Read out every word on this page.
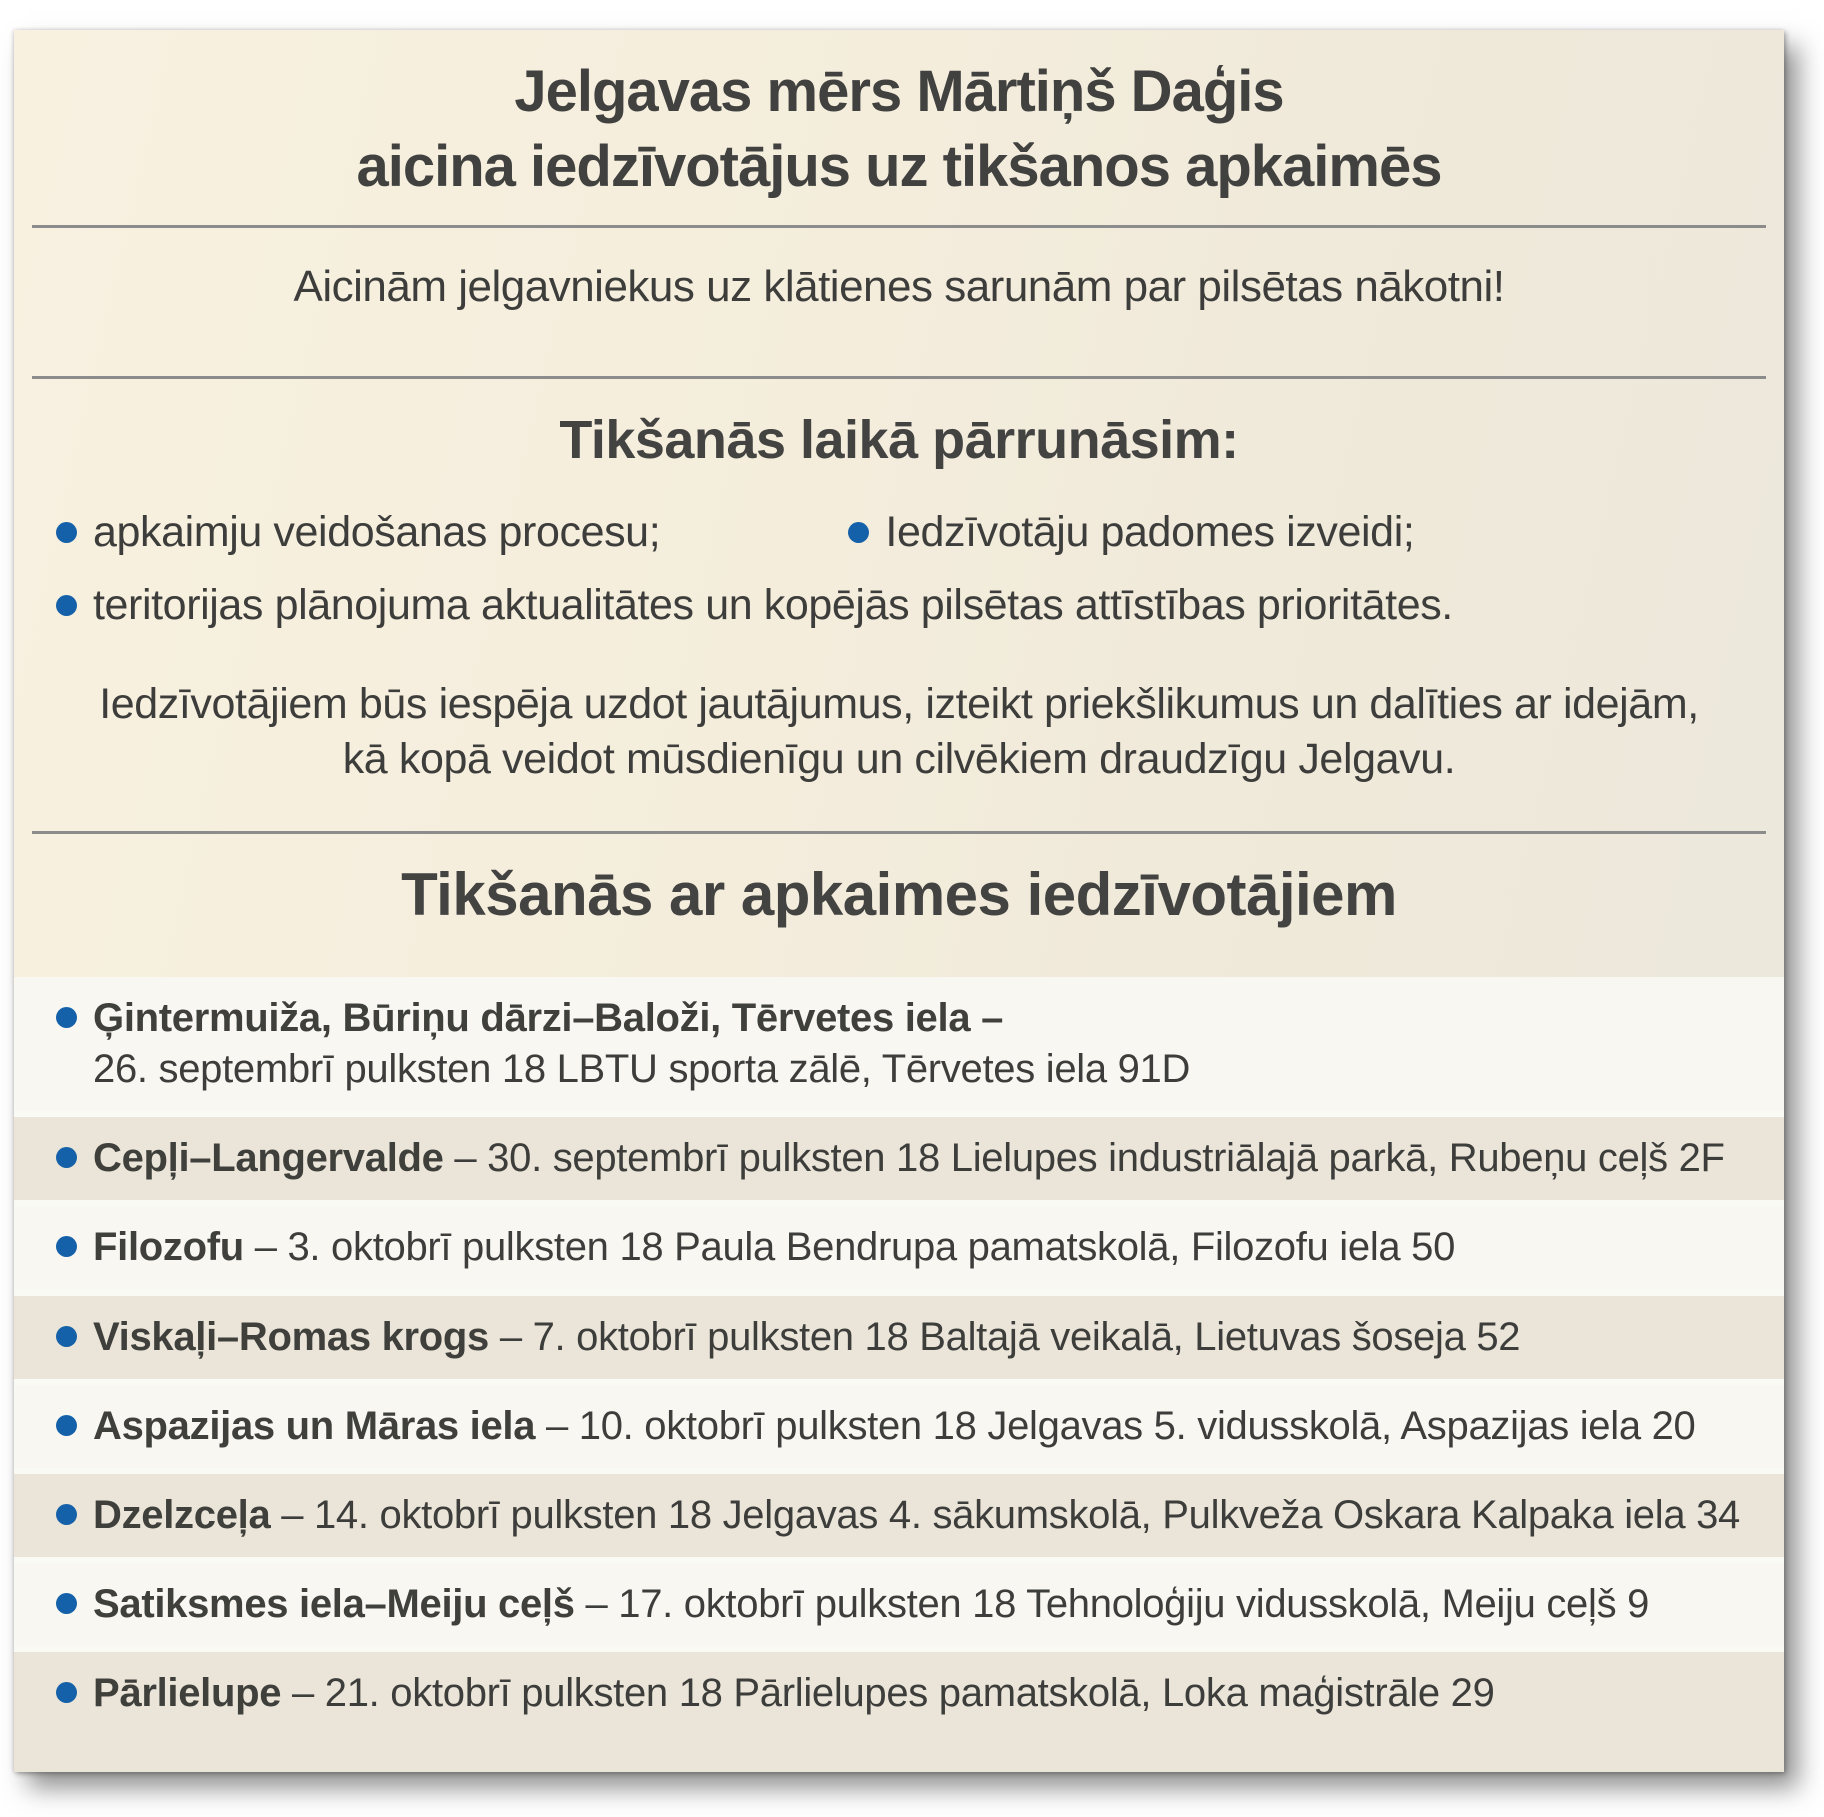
Jelgavas mērs Mārtiņš Daģis
aicina iedzīvotājus uz tikšanos apkaimēs
Aicinām jelgavniekus uz klātienes sarunām par pilsētas nākotni!
Tikšanās laikā pārrunāsim:
apkaimju veidošanas procesu;	Iedzīvotāju padomes izveidi;
teritorijas plānojuma aktualitātes un kopējās pilsētas attīstības prioritātes.
Iedzīvotājiem būs iespēja uzdot jautājumus, izteikt priekšlikumus un dalīties ar idejām,
kā kopā veidot mūsdienīgu un cilvēkiem draudzīgu Jelgavu.
Tikšanās ar apkaimes iedzīvotājiem
Ģintermuiža, Būriņu dārzi–Baloži, Tērvetes iela –
26. septembrī pulksten 18 LBTU sporta zālē, Tērvetes iela 91D
Cepļi–Langervalde – 30. septembrī pulksten 18 Lielupes industriālajā parkā, Rubeņu ceļš 2F
Filozofu – 3. oktobrī pulksten 18 Paula Bendrupa pamatskolā, Filozofu iela 50
Viskaļi–Romas krogs – 7. oktobrī pulksten 18 Baltajā veikalā, Lietuvas šoseja 52
Aspazijas un Māras iela – 10. oktobrī pulksten 18 Jelgavas 5. vidusskolā, Aspazijas iela 20
Dzelzceļa – 14. oktobrī pulksten 18 Jelgavas 4. sākumskolā, Pulkveža Oskara Kalpaka iela 34
Satiksmes iela–Meiju ceļš – 17. oktobrī pulksten 18 Tehnoloģiju vidusskolā, Meiju ceļš 9
Pārlielupe – 21. oktobrī pulksten 18 Pārlielupes pamatskolā, Loka maģistrāle 29
